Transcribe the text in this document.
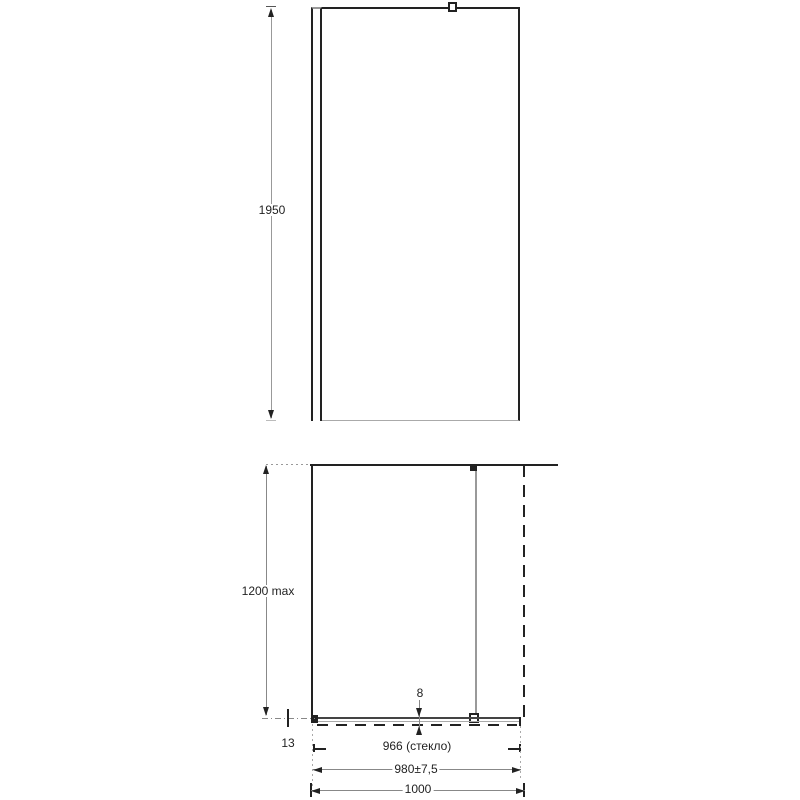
1950
8
1200 max
13	966 (стекло)
980±7,5
1000
